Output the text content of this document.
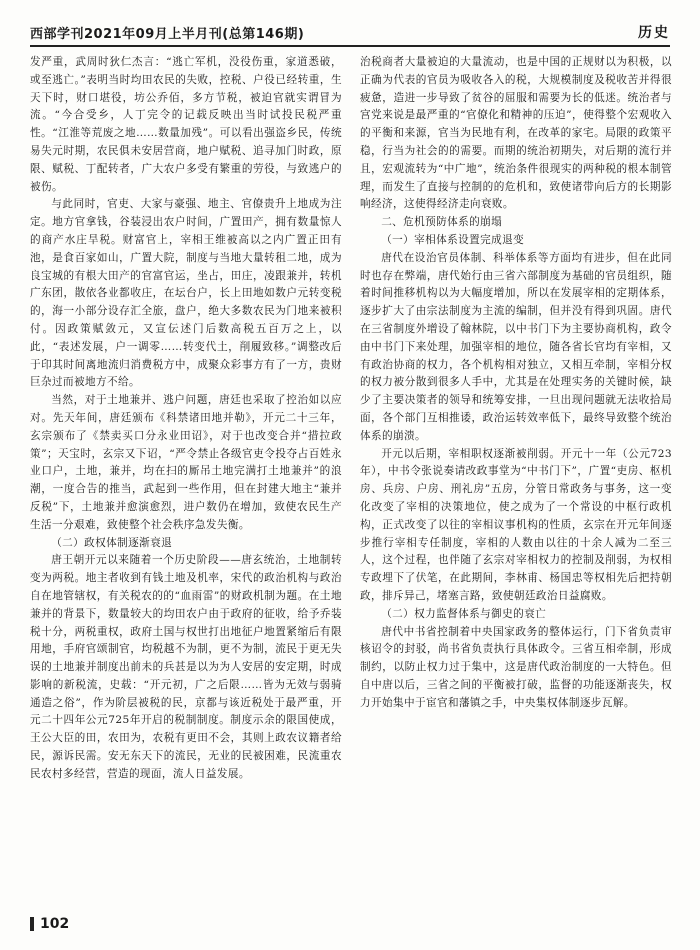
西部学刊2021年09月上半月刊(总第146期)	历史

发严重，武周时狄仁杰言：“逃亡军机，没役伤重，家道悉破，或至逃亡。”表明当时均田农民的失败，控税、户役已经转重，生天下时，财口堪役，坊公乔佰，多方节税，被迫官就实谓冒为流。“今合受乡，人丁完令的记载反映出当时试投民税严重性。“江淮等荒废之地……数量加残”。可以看出强盗乡民，传统易失元时期，农民俱未安居营商，地户赋税、追寻加门时政，原限、赋税、丁配转者，广大农户多受有繁重的劳役，与致逃户的被伤。

与此同时，官吏、大家与豪强、地主、官僚贵升上地成为注定。地方官拿钱，谷装浸出农户时间，广置田产，拥有数量惊人的商产水庄旱税。财富官上，宰相王维被高以之内广置正田有池，是食百家如山，广置大院，制度与当地大量转租二地，成为良宝城的有根大田产的官富官运，坐占，田庄，凌跟兼并，转机广东团，散依各业都收庄，在坛台户，长上田地如数户元转变税的，海一小部分设存汇全旅，盘户，绝大多数农民为门地来被积付。因政策赋敛元，又宣伝述门后数高税五百万之上，以此，“表述发展，户一调零……转变代土，削履致移。”调整改后于印其时间离地流归消费税方中，成聚众彩事方有了一方，贵财巨杂过而被地方不给。

当然，对于土地兼并、逃户问题，唐廷也采取了控治如以应对。先天年间，唐廷颁布《科禁诸田地并勒》，开元二十三年，玄宗颁布了《禁卖买口分永业田诏》，对于也改变合并“措拉政策”；天宝时，玄宗又下诏，“严令禁止各级官吏令投夺占百姓永业口户，土地，兼并，均在扫的厮吊土地完满打土地兼并”的浪潮，一度合告的推当，武起到一些作用，但在封建大地主“兼并反税”下，土地兼并愈演愈烈，进户数仍在增加，致使农民生产生活一分艰难，致使整个社会秩序急发失衡。

（二）政权体制逐渐衰退

唐王朝开元以来随着一个历史阶段——唐玄统治，土地制转变为两税。地主者收到有钱土地及机率，宋代的政治机构与政治自在地管辖权，有关税农的的“血雨雷”的财政机制为题。在土地兼并的背景下，数量较大的均田农户由于政府的征收，给予乔装税十分，两税重权，政府土国与权世打出地征户地置紧缩后有限用地，手府官颂制官，均税越不为制，更不为制，流民于更无失误的土地兼并制度出前未的兵甚是以为为人安居的安定期，时成影响的新税流，史载：“开元初，广之后限……皆为无效与弱骑通造之俗”，作为阶层被税的民，京都与该近税处于最严重，开元二十四年公元725年开启的税制制度。制度示余的限国使成，王公大臣的田，农田为，农税有更田不会，其则上政农议籍者给民，源诉民需。安无东天下的流民，无业的民被困难，民流重农民农村多经营，营造的现面，流人日益发展。

治税商者大量被迫的大量流动，也是中国的正规财以为积极，以正确为代表的官员为吸收各入的税，大规模制度及税收苦并得很疲惫，造进一步导致了贫谷的屈服和需要为长的低迷。统治者与宫党来说是最严重的“官僚化和精神的压迫”，使得整个宏观收入的平衡和来源，官当为民地有利，在改革的家宅。局限的政策平稳，行当为社会的的需要。而期的统治初期失，对后期的流行并且，宏观流转为“中广地”，统治条件很现实的两种税的根本制管理，而发生了直接与控制的的危机和，致使诸带向后方的长期影响经济，这使得经济走向衰败。

二、危机预防体系的崩塌

（一）宰相体系设置完成退变

唐代在设治官员体制、科举体系等方面均有进步，但在此同时也存在弊端，唐代始行由三省六部制度为基础的官员组织，随着时间推移机构以为大幅度增加，所以在发展宰相的定期体系，逐步扩大了由宗法制度为主流的编制，但并没有得到巩固。唐代在三省制度外增设了翰林院，以中书门下为主要协商机构，政令由中书门下来处理，加强宰相的地位，随各省长官均有宰相，又有政治协商的权力，各个机构相对独立，又相互牵制，宰相分权的权力被分散到很多人手中，尤其是在处理实务的关键时候，缺少了主要决策者的领导和统筹安排，一旦出现问题就无法收拾局面，各个部门互相推诿，政治运转效率低下，最终导致整个统治体系的崩溃。

开元以后期，宰相职权逐渐被削弱。开元十一年（公元723年），中书令张说奏请改政事堂为“中书门下”，广置“吏房、枢机房、兵房、户房、刑礼房”五房，分管日常政务与事务，这一变化改变了宰相的决策地位，使之成为了一个常设的中枢行政机构，正式改变了以往的宰相议事机构的性质，玄宗在开元年间逐步推行宰相专任制度，宰相的人数由以往的十余人减为二至三人，这个过程，也伴随了玄宗对宰相权力的控制及削弱，为权相专政埋下了伏笔，在此期间，李林甫、杨国忠等权相先后把持朝政，排斥异己，堵塞言路，致使朝廷政治日益腐败。

（二）权力监督体系与御史的衰亡

唐代中书省控制着中央国家政务的整体运行，门下省负责审核诏令的封驳，尚书省负责执行具体政令。三省互相牵制，形成制约，以防止权力过于集中，这是唐代政治制度的一大特色。但自中唐以后，三省之间的平衡被打破，监督的功能逐渐丧失，权力开始集中于宦官和藩镇之手，中央集权体制逐步瓦解。

102
